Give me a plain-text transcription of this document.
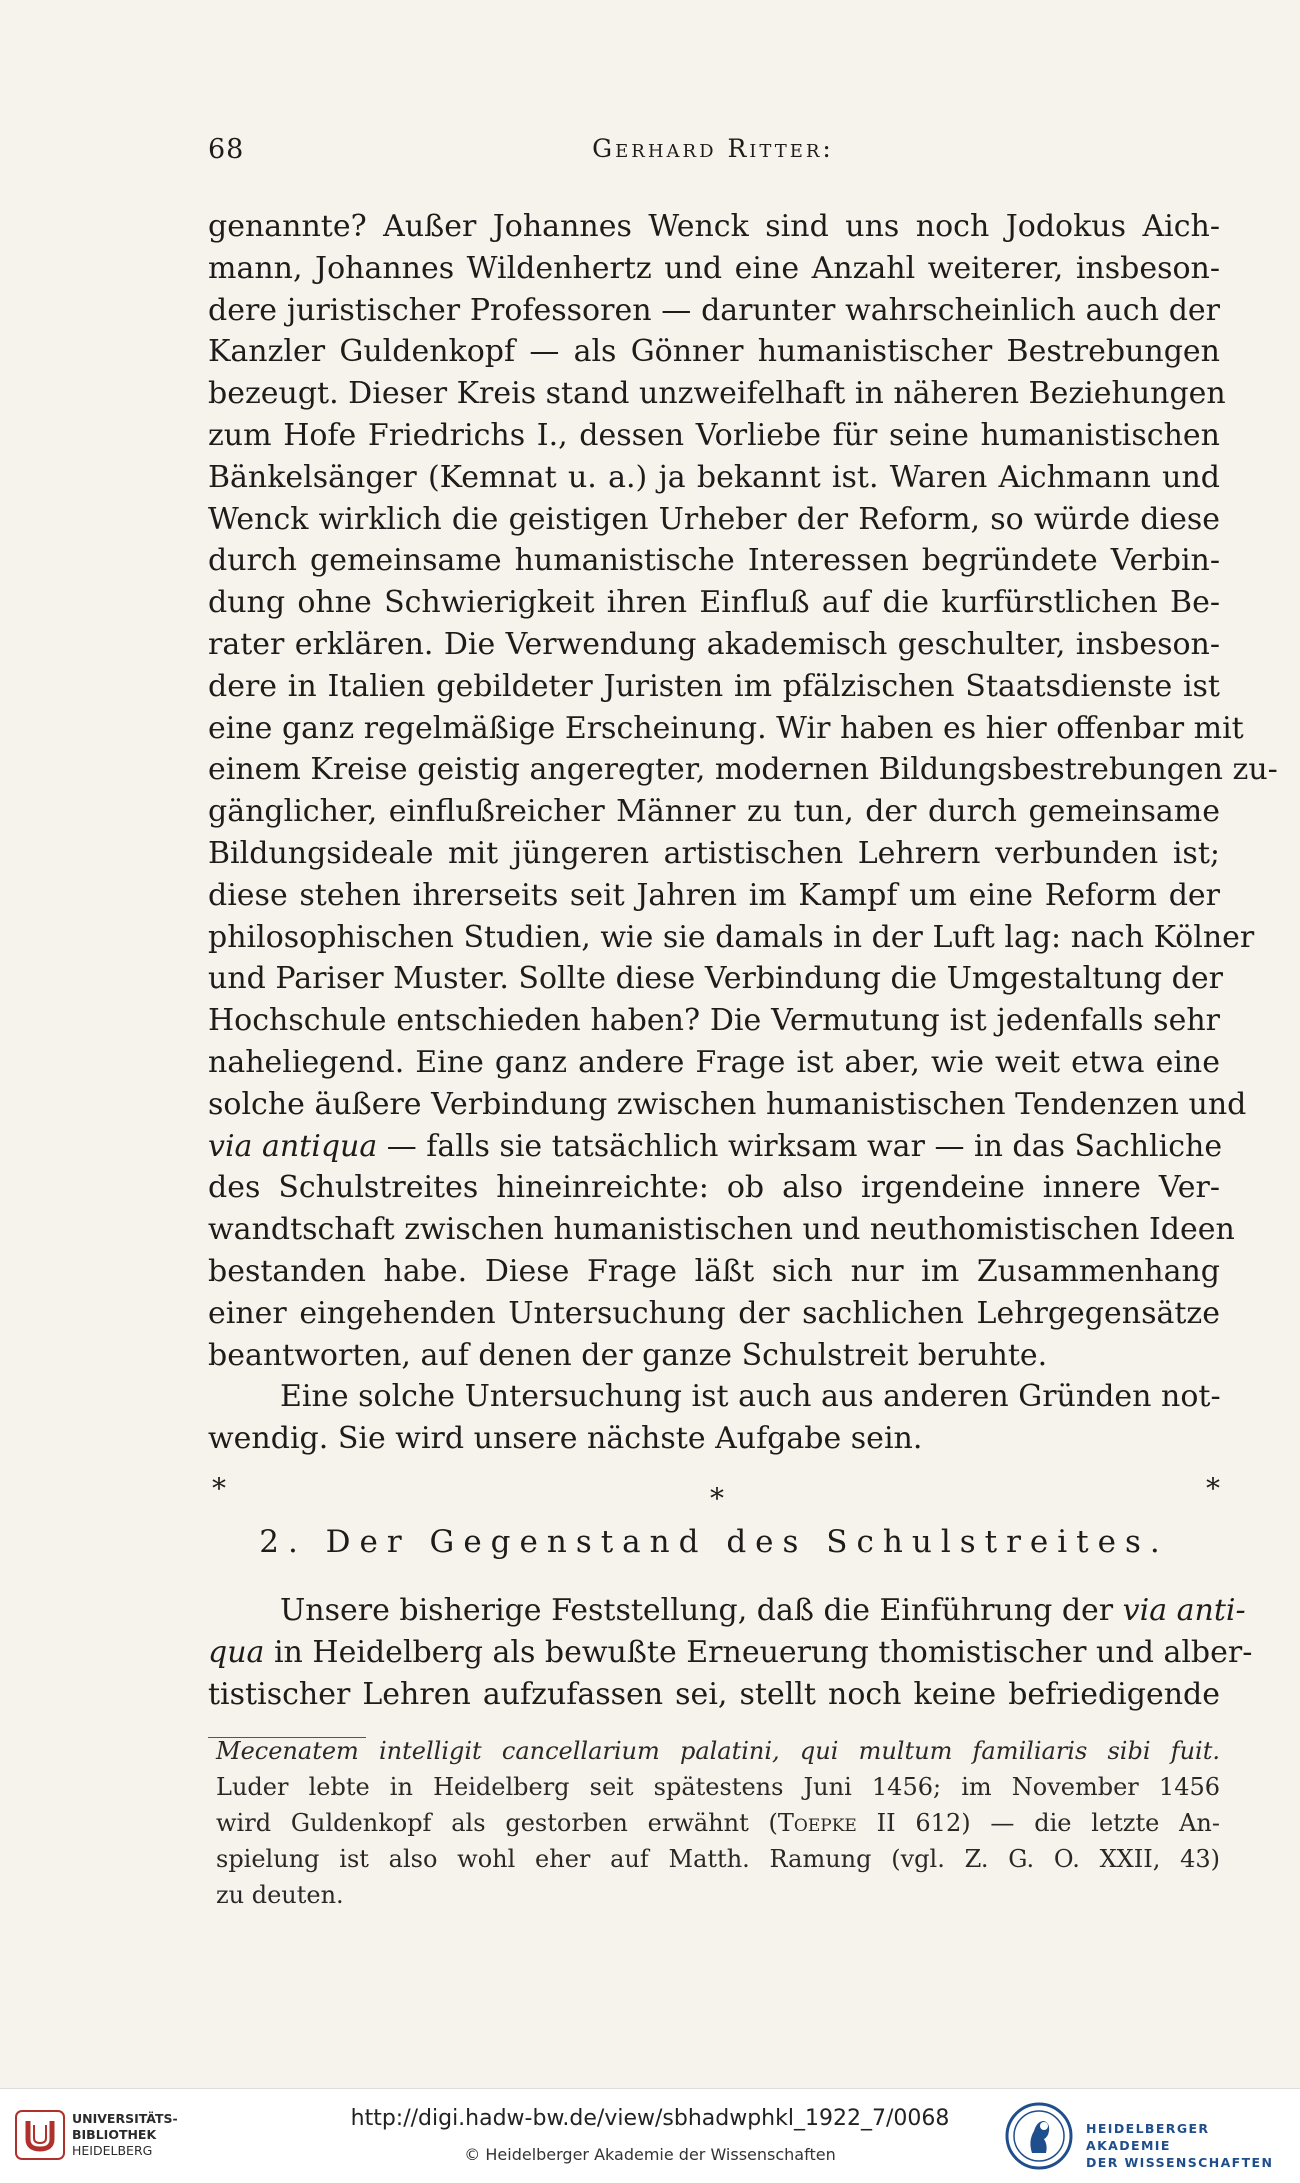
68	Gerhard Ritter:
genannte? Außer Johannes Wenck sind uns noch Jodokus Aich-
mann, Johannes Wildenhertz und eine Anzahl weiterer, insbeson-
dere juristischer Professoren — darunter wahrscheinlich auch der
Kanzler Guldenkopf — als Gönner humanistischer Bestrebungen
bezeugt. Dieser Kreis stand unzweifelhaft in näheren Beziehungen
zum Hofe Friedrichs I., dessen Vorliebe für seine humanistischen
Bänkelsänger (Kemnat u. a.) ja bekannt ist. Waren Aichmann und
Wenck wirklich die geistigen Urheber der Reform, so würde diese
durch gemeinsame humanistische Interessen begründete Verbin-
dung ohne Schwierigkeit ihren Einfluß auf die kurfürstlichen Be-
rater erklären. Die Verwendung akademisch geschulter, insbeson-
dere in Italien gebildeter Juristen im pfälzischen Staatsdienste ist
eine ganz regelmäßige Erscheinung. Wir haben es hier offenbar mit
einem Kreise geistig angeregter, modernen Bildungsbestrebungen zu-
gänglicher, einflußreicher Männer zu tun, der durch gemeinsame
Bildungsideale mit jüngeren artistischen Lehrern verbunden ist;
diese stehen ihrerseits seit Jahren im Kampf um eine Reform der
philosophischen Studien, wie sie damals in der Luft lag: nach Kölner
und Pariser Muster. Sollte diese Verbindung die Umgestaltung der
Hochschule entschieden haben? Die Vermutung ist jedenfalls sehr
naheliegend. Eine ganz andere Frage ist aber, wie weit etwa eine
solche äußere Verbindung zwischen humanistischen Tendenzen und
via antiqua — falls sie tatsächlich wirksam war — in das Sachliche
des Schulstreites hineinreichte: ob also irgendeine innere Ver-
wandtschaft zwischen humanistischen und neuthomistischen Ideen
bestanden habe. Diese Frage läßt sich nur im Zusammenhang
einer eingehenden Untersuchung der sachlichen Lehrgegensätze
beantworten, auf denen der ganze Schulstreit beruhte.
Eine solche Untersuchung ist auch aus anderen Gründen not-
wendig. Sie wird unsere nächste Aufgabe sein.
*	*	*
2. Der Gegenstand des Schulstreites.
Unsere bisherige Feststellung, daß die Einführung der via anti-
qua in Heidelberg als bewußte Erneuerung thomistischer und alber-
tistischer Lehren aufzufassen sei, stellt noch keine befriedigende
Mecenatem intelligit cancellarium palatini, qui multum familiaris sibi fuit.
Luder lebte in Heidelberg seit spätestens Juni 1456; im November 1456
wird Guldenkopf als gestorben erwähnt (Toepke II 612) — die letzte An-
spielung ist also wohl eher auf Matth. Ramung (vgl. Z. G. O. XXII, 43)
zu deuten.
UNIVERSITÄTS-
BIBLIOTHEK
HEIDELBERG
http://digi.hadw-bw.de/view/sbhadwphkl_1922_7/0068
© Heidelberger Akademie der Wissenschaften
HEIDELBERGER AKADEMIE
DER WISSENSCHAFTEN
